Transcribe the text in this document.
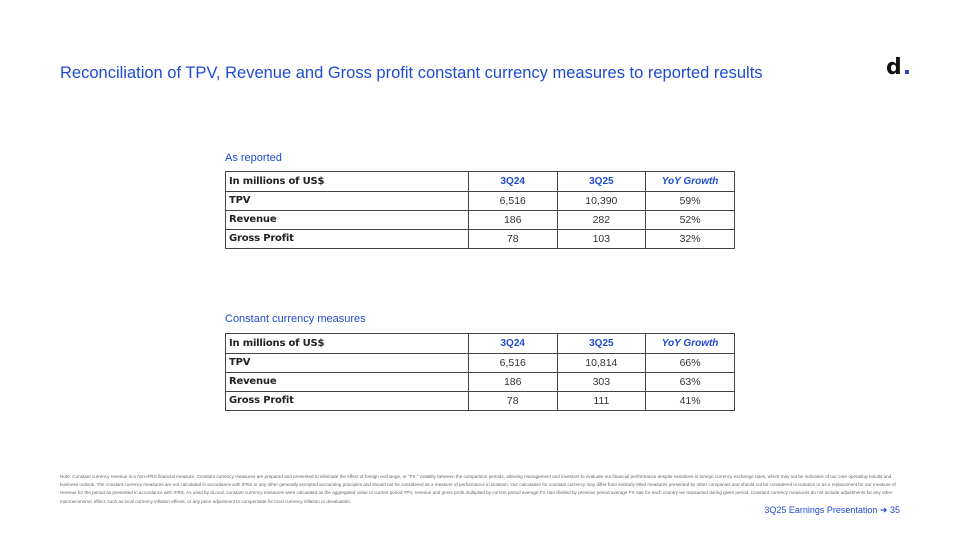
Reconciliation of TPV, Revenue and Gross profit constant currency measures to reported results	d
As reported
In millions of US$	3Q24	3Q25	YoY Growth
TPV	6,516	10,390	59%
Revenue	186	282	52%
Gross Profit	78	103	32%
Constant currency measures
In millions of US$	3Q24	3Q25	YoY Growth
TPV	6,516	10,814	66%
Revenue	186	303	63%
Gross Profit	78	111	41%
Note: Constant currency revenue is a non-IFRS financial measure. Constant currency measures are prepared and presented to eliminate the effect of foreign exchange, or "FX," volatility between the comparison periods, allowing management and investors to evaluate our financial performance despite variations in foreign currency exchange rates, which may not be indicative of our core operating results and business outlook. The constant currency measures are not calculated in accordance with IFRS or any other generally accepted accounting principles and should not be considered as a measure of performance in isolation. Our calculation for constant currency may differ from similarly-titled measures presented by other companies and should not be considered in isolation or as a replacement for our measure of revenue for the period as presented in accordance with IFRS. As used by dLocal, constant currency measures were calculated as the aggregated value of current period TPV, revenue and gross profit multiplied by current period average FX rate divided by previous period average FX rate for each country we transacted during given period. Constant currency measures do not include adjustments for any other macroeconomic effect, such as local currency inflation effects, or any price adjustment to compensate for local currency inflation or devaluation.
3Q25 Earnings Presentation ➜ 35
